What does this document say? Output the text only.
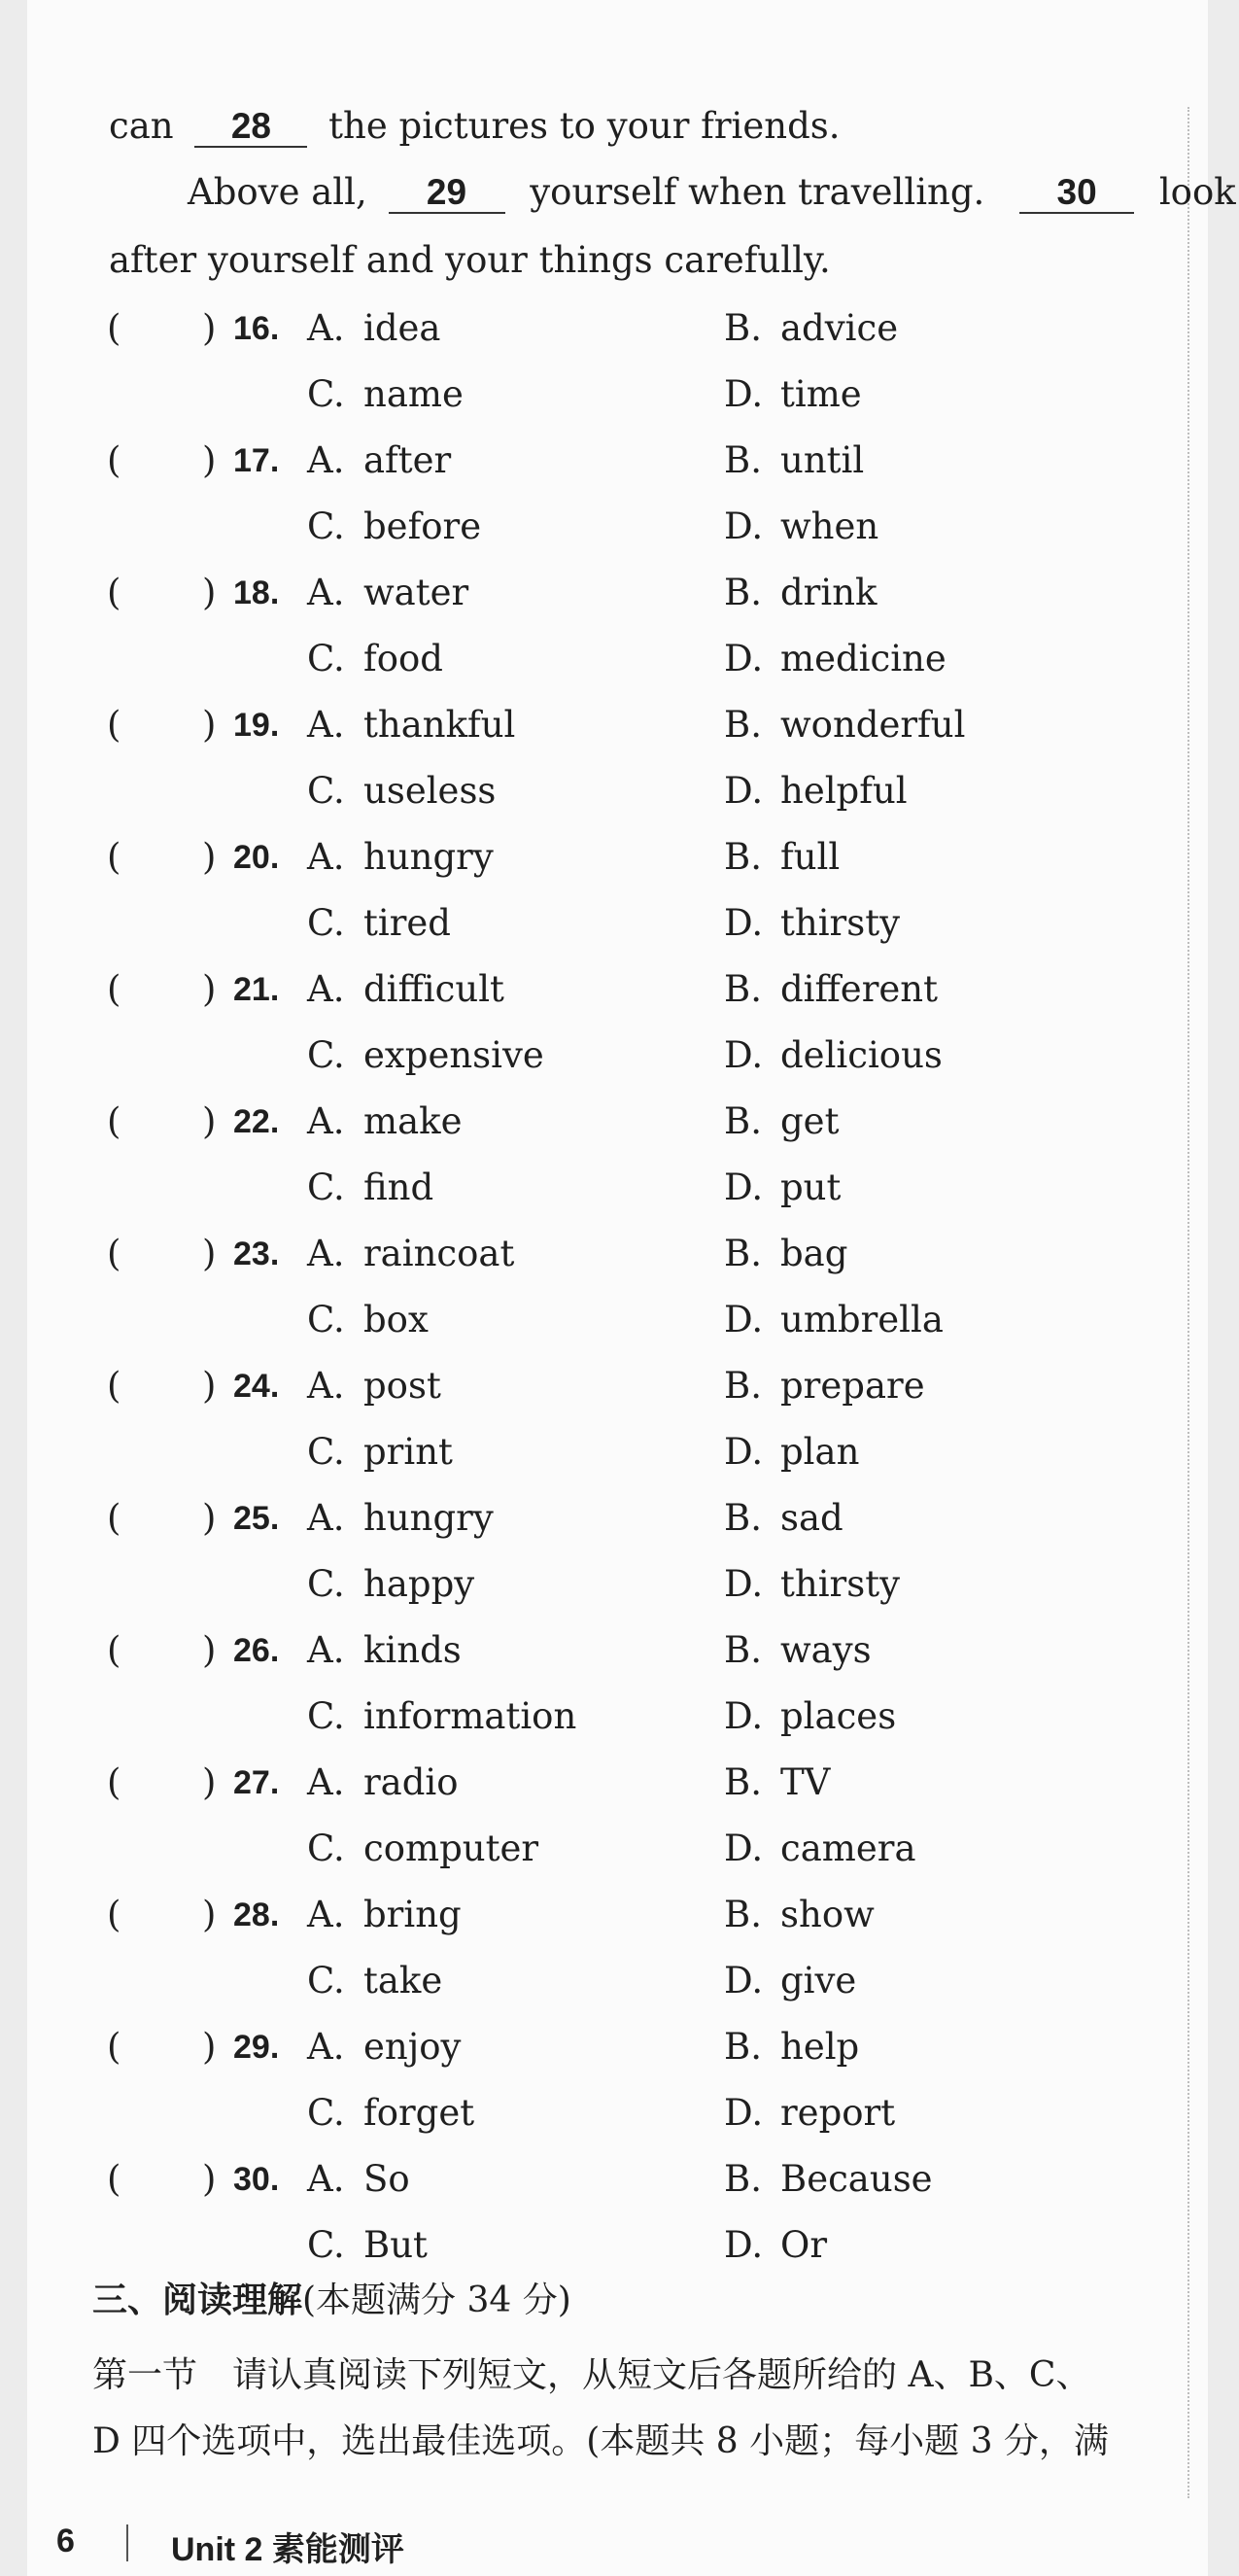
can 28 the pictures to your friends.
Above all, 29 yourself when travelling. 30 look
after yourself and your things carefully.
( ) 16. A. idea	B. advice
C. name	D. time
( ) 17. A. after	B. until
C. before	D. when
( ) 18. A. water	B. drink
C. food	D. medicine
( ) 19. A. thankful	B. wonderful
C. useless	D. helpful
( ) 20. A. hungry	B. full
C. tired	D. thirsty
( ) 21. A. difficult	B. different
C. expensive	D. delicious
( ) 22. A. make	B. get
C. find	D. put
( ) 23. A. raincoat	B. bag
C. box	D. umbrella
( ) 24. A. post	B. prepare
C. print	D. plan
( ) 25. A. hungry	B. sad
C. happy	D. thirsty
( ) 26. A. kinds	B. ways
C. information	D. places
( ) 27. A. radio	B. TV
C. computer	D. camera
( ) 28. A. bring	B. show
C. take	D. give
( ) 29. A. enjoy	B. help
C. forget	D. report
( ) 30. A. So	B. Because
C. But	D. Or
三、阅读理解(本题满分 34 分)
第一节　请认真阅读下列短文，从短文后各题所给的 A、B、C、
D 四个选项中，选出最佳选项。(本题共 8 小题；每小题 3 分，满
6	Unit 2 素能测评
